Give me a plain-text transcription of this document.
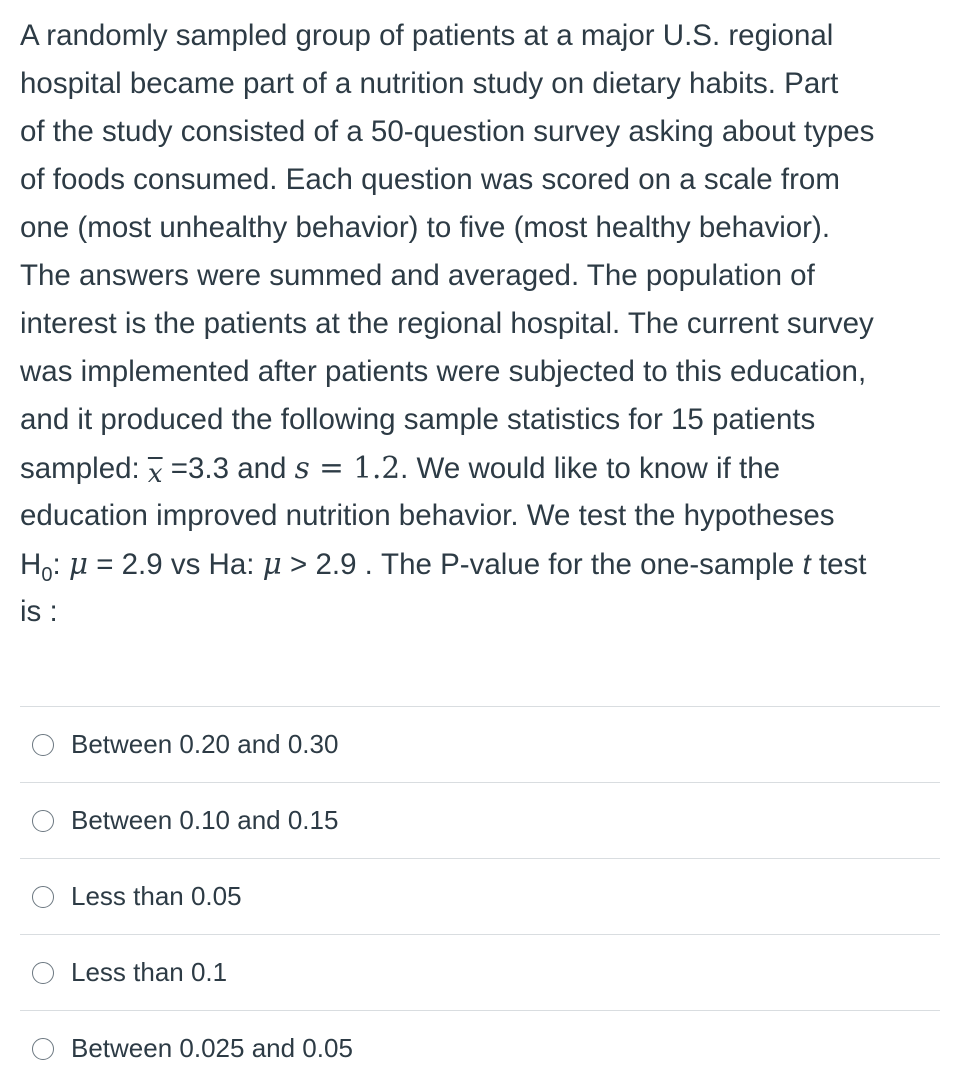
A randomly sampled group of patients at a major U.S. regional
hospital became part of a nutrition study on dietary habits. Part
of the study consisted of a 50-question survey asking about types
of foods consumed. Each question was scored on a scale from
one (most unhealthy behavior) to five (most healthy behavior).
The answers were summed and averaged. The population of
interest is the patients at the regional hospital. The current survey
was implemented after patients were subjected to this education,
and it produced the following sample statistics for 15 patients
sampled: $\overline{x} =3.3$ and s = 1.2. We would like to know if the
education improved nutrition behavior. We test the hypotheses
$H_0$: μ = 2.9 vs Ha: μ > 2.9 . The P-value for the one-sample t test
is :
Between 0.20 and 0.30
Between 0.10 and 0.15
Less than 0.05
Less than 0.1
Between 0.025 and 0.05
